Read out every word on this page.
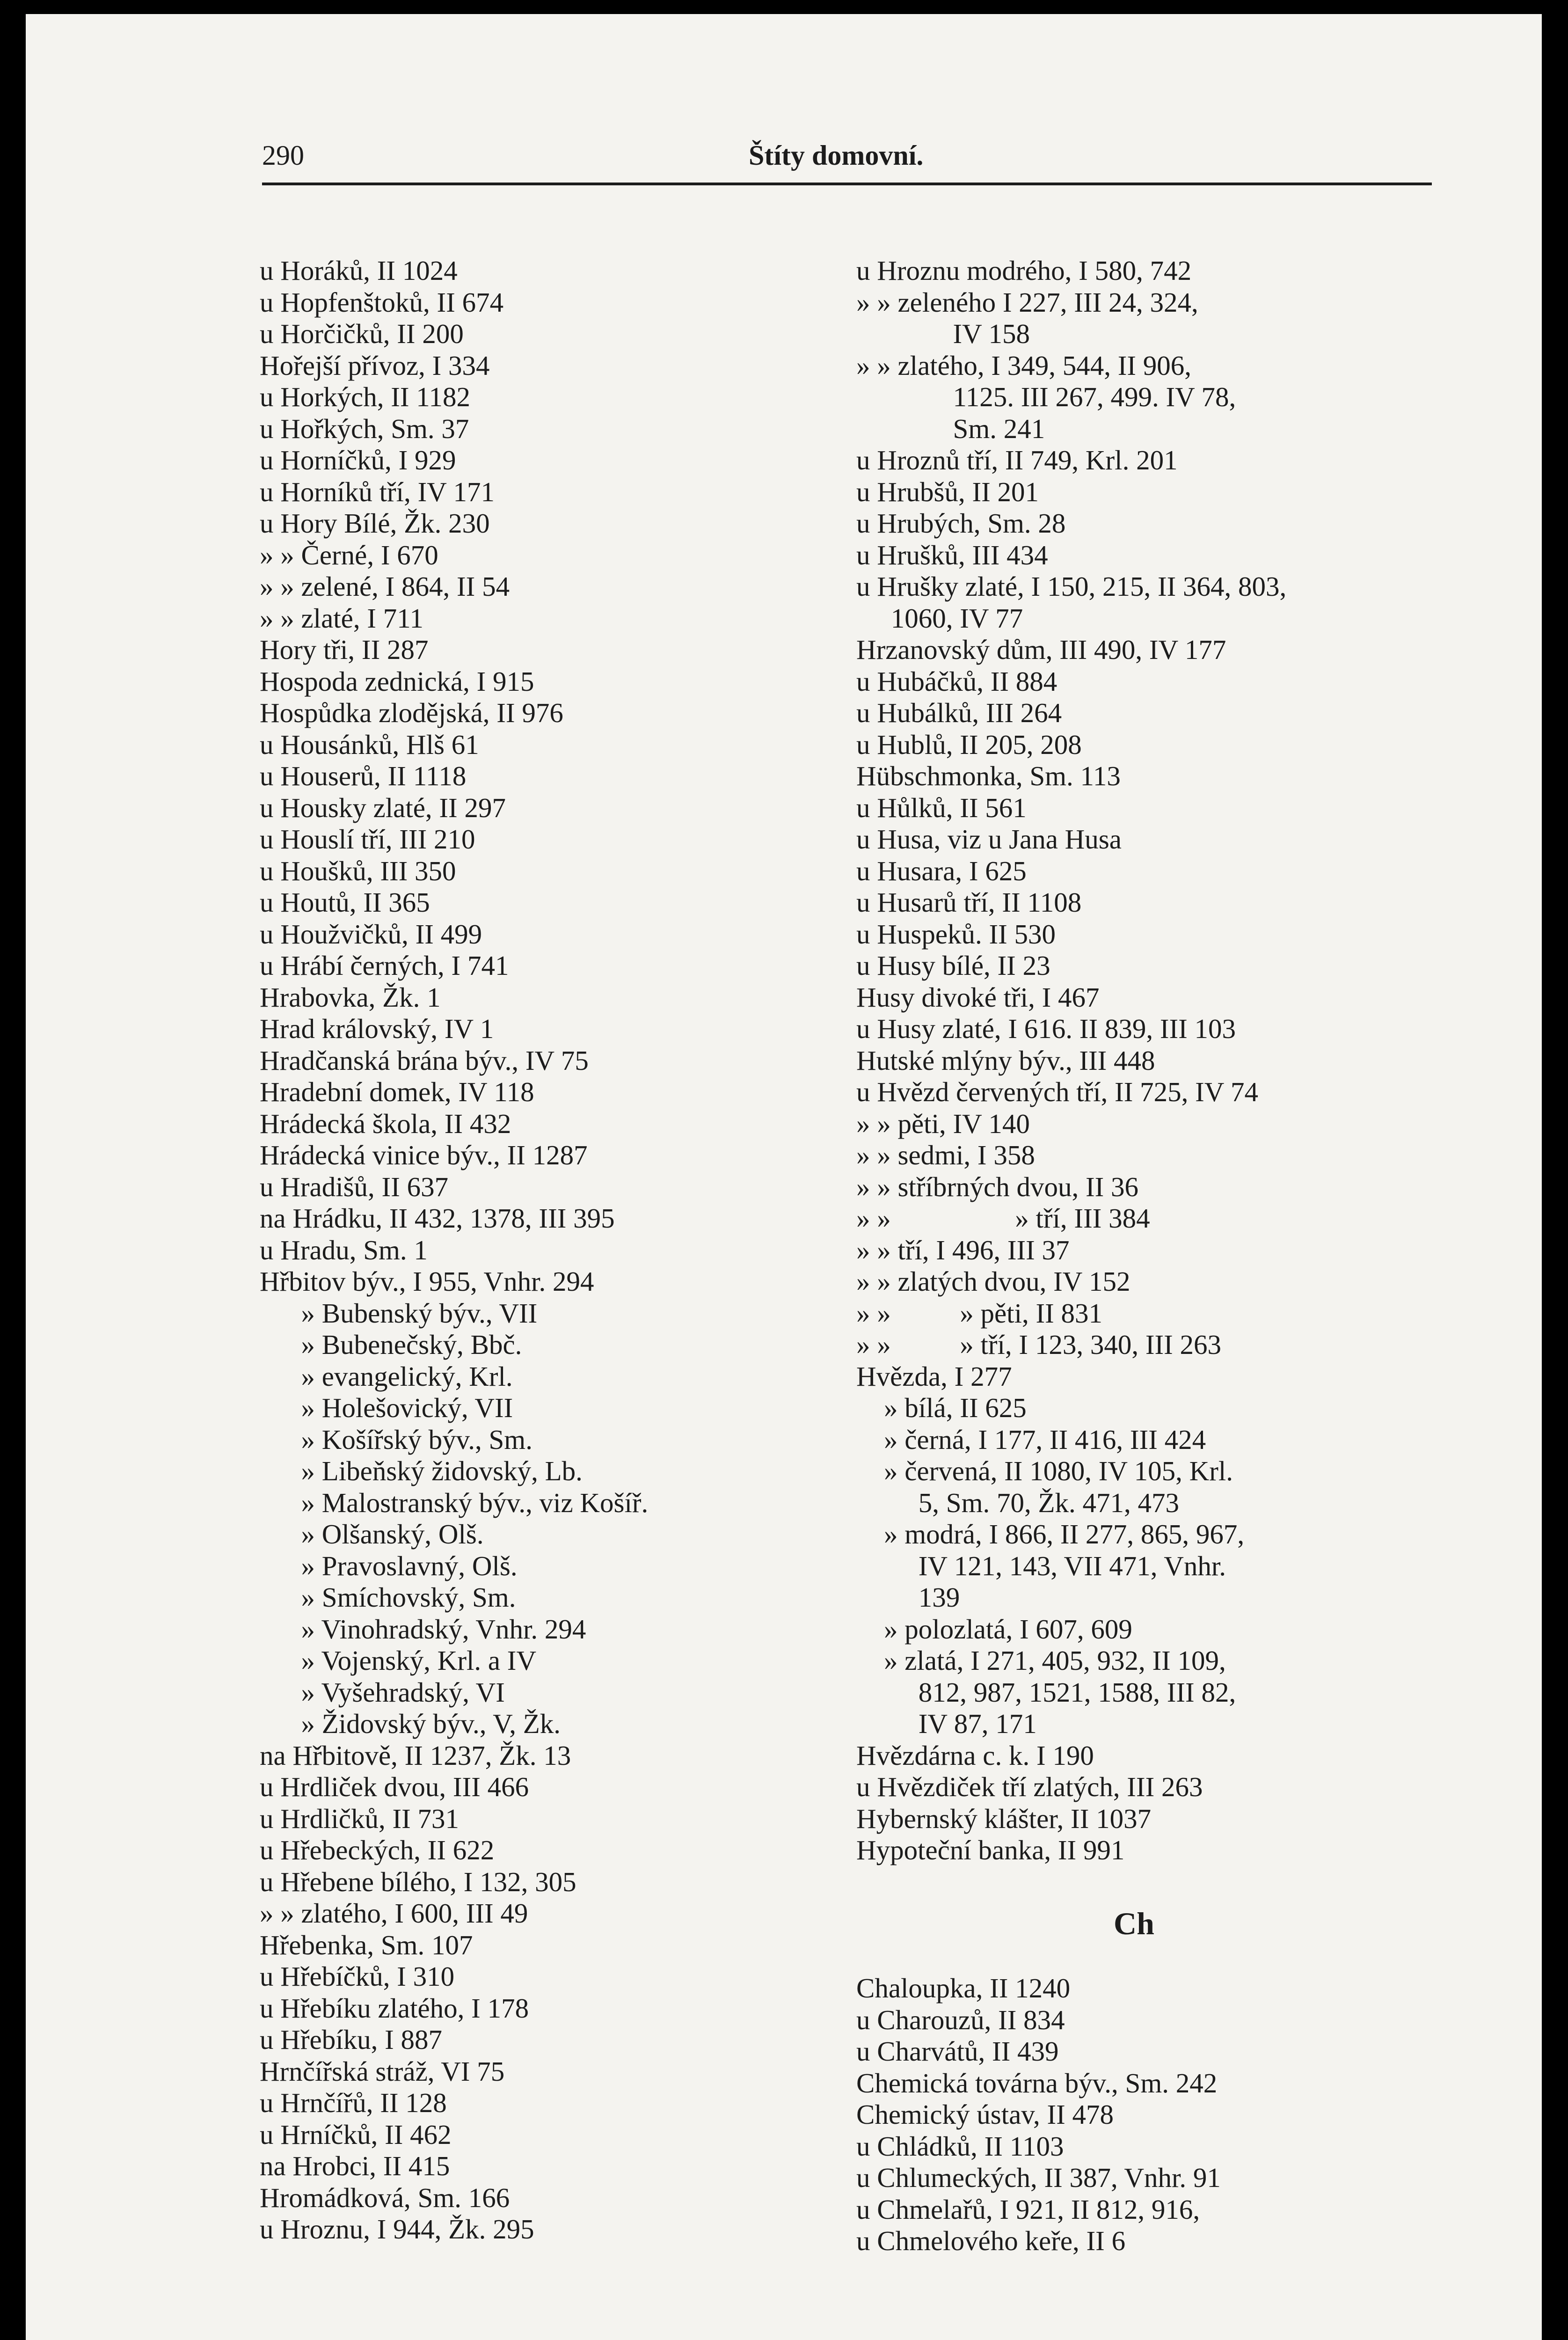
290	Štíty domovní.
u Horáků, II 1024
u Hopfenštoků, II 674
u Horčičků, II 200
Hořejší přívoz, I 334
u Horkých, II 1182
u Hořkých, Sm. 37
u Horníčků, I 929
u Horníků tří, IV 171
u Hory Bílé, Žk. 230
» » Černé, I 670
» » zelené, I 864, II 54
» » zlaté, I 711
Hory tři, II 287
Hospoda zednická, I 915
Hospůdka zlodějská, II 976
u Housánků, Hlš 61
u Houserů, II 1118
u Housky zlaté, II 297
u Houslí tří, III 210
u Houšků, III 350
u Houtů, II 365
u Houžvičků, II 499
u Hrábí černých, I 741
Hrabovka, Žk. 1
Hrad královský, IV 1
Hradčanská brána býv., IV 75
Hradební domek, IV 118
Hrádecká škola, II 432
Hrádecká vinice býv., II 1287
u Hradišů, II 637
na Hrádku, II 432, 1378, III 395
u Hradu, Sm. 1
Hřbitov býv., I 955, Vnhr. 294
» Bubenský býv., VII
» Bubenečský, Bbč.
» evangelický, Krl.
» Holešovický, VII
» Košířský býv., Sm.
» Libeňský židovský, Lb.
» Malostranský býv., viz Košíř.
» Olšanský, Olš.
» Pravoslavný, Olš.
» Smíchovský, Sm.
» Vinohradský, Vnhr. 294
» Vojenský, Krl. a IV
» Vyšehradský, VI
» Židovský býv., V, Žk.
na Hřbitově, II 1237, Žk. 13
u Hrdliček dvou, III 466
u Hrdličků, II 731
u Hřebeckých, II 622
u Hřebene bílého, I 132, 305
» » zlatého, I 600, III 49
Hřebenka, Sm. 107
u Hřebíčků, I 310
u Hřebíku zlatého, I 178
u Hřebíku, I 887
Hrnčířská stráž, VI 75
u Hrnčířů, II 128
u Hrníčků, II 462
na Hrobci, II 415
Hromádková, Sm. 166
u Hroznu, I 944, Žk. 295
u Hroznu modrého, I 580, 742
» » zeleného I 227, III 24, 324,
IV 158
» » zlatého, I 349, 544, II 906,
1125. III 267, 499. IV 78,
Sm. 241
u Hroznů tří, II 749, Krl. 201
u Hrubšů, II 201
u Hrubých, Sm. 28
u Hrušků, III 434
u Hrušky zlaté, I 150, 215, II 364, 803,
1060, IV 77
Hrzanovský dům, III 490, IV 177
u Hubáčků, II 884
u Hubálků, III 264
u Hublů, II 205, 208
Hübschmonka, Sm. 113
u Hůlků, II 561
u Husa, viz u Jana Husa
u Husara, I 625
u Husarů tří, II 1108
u Huspeků. II 530
u Husy bílé, II 23
Husy divoké tři, I 467
u Husy zlaté, I 616. II 839, III 103
Hutské mlýny býv., III 448
u Hvězd červených tří, II 725, IV 74
» » pěti, IV 140
» » sedmi, I 358
» » stříbrných dvou, II 36
» »                  » tří, III 384
» » tří, I 496, III 37
» » zlatých dvou, IV 152
» »          » pěti, II 831
» »          » tří, I 123, 340, III 263
Hvězda, I 277
» bílá, II 625
» černá, I 177, II 416, III 424
» červená, II 1080, IV 105, Krl.
5, Sm. 70, Žk. 471, 473
» modrá, I 866, II 277, 865, 967,
IV 121, 143, VII 471, Vnhr.
139
» polozlatá, I 607, 609
» zlatá, I 271, 405, 932, II 109,
812, 987, 1521, 1588, III 82,
IV 87, 171
Hvězdárna c. k. I 190
u Hvězdiček tří zlatých, III 263
Hybernský klášter, II 1037
Hypoteční banka, II 991
Ch
Chaloupka, II 1240
u Charouzů, II 834
u Charvátů, II 439
Chemická továrna býv., Sm. 242
Chemický ústav, II 478
u Chládků, II 1103
u Chlumeckých, II 387, Vnhr. 91
u Chmelařů, I 921, II 812, 916,
u Chmelového keře, II 6
